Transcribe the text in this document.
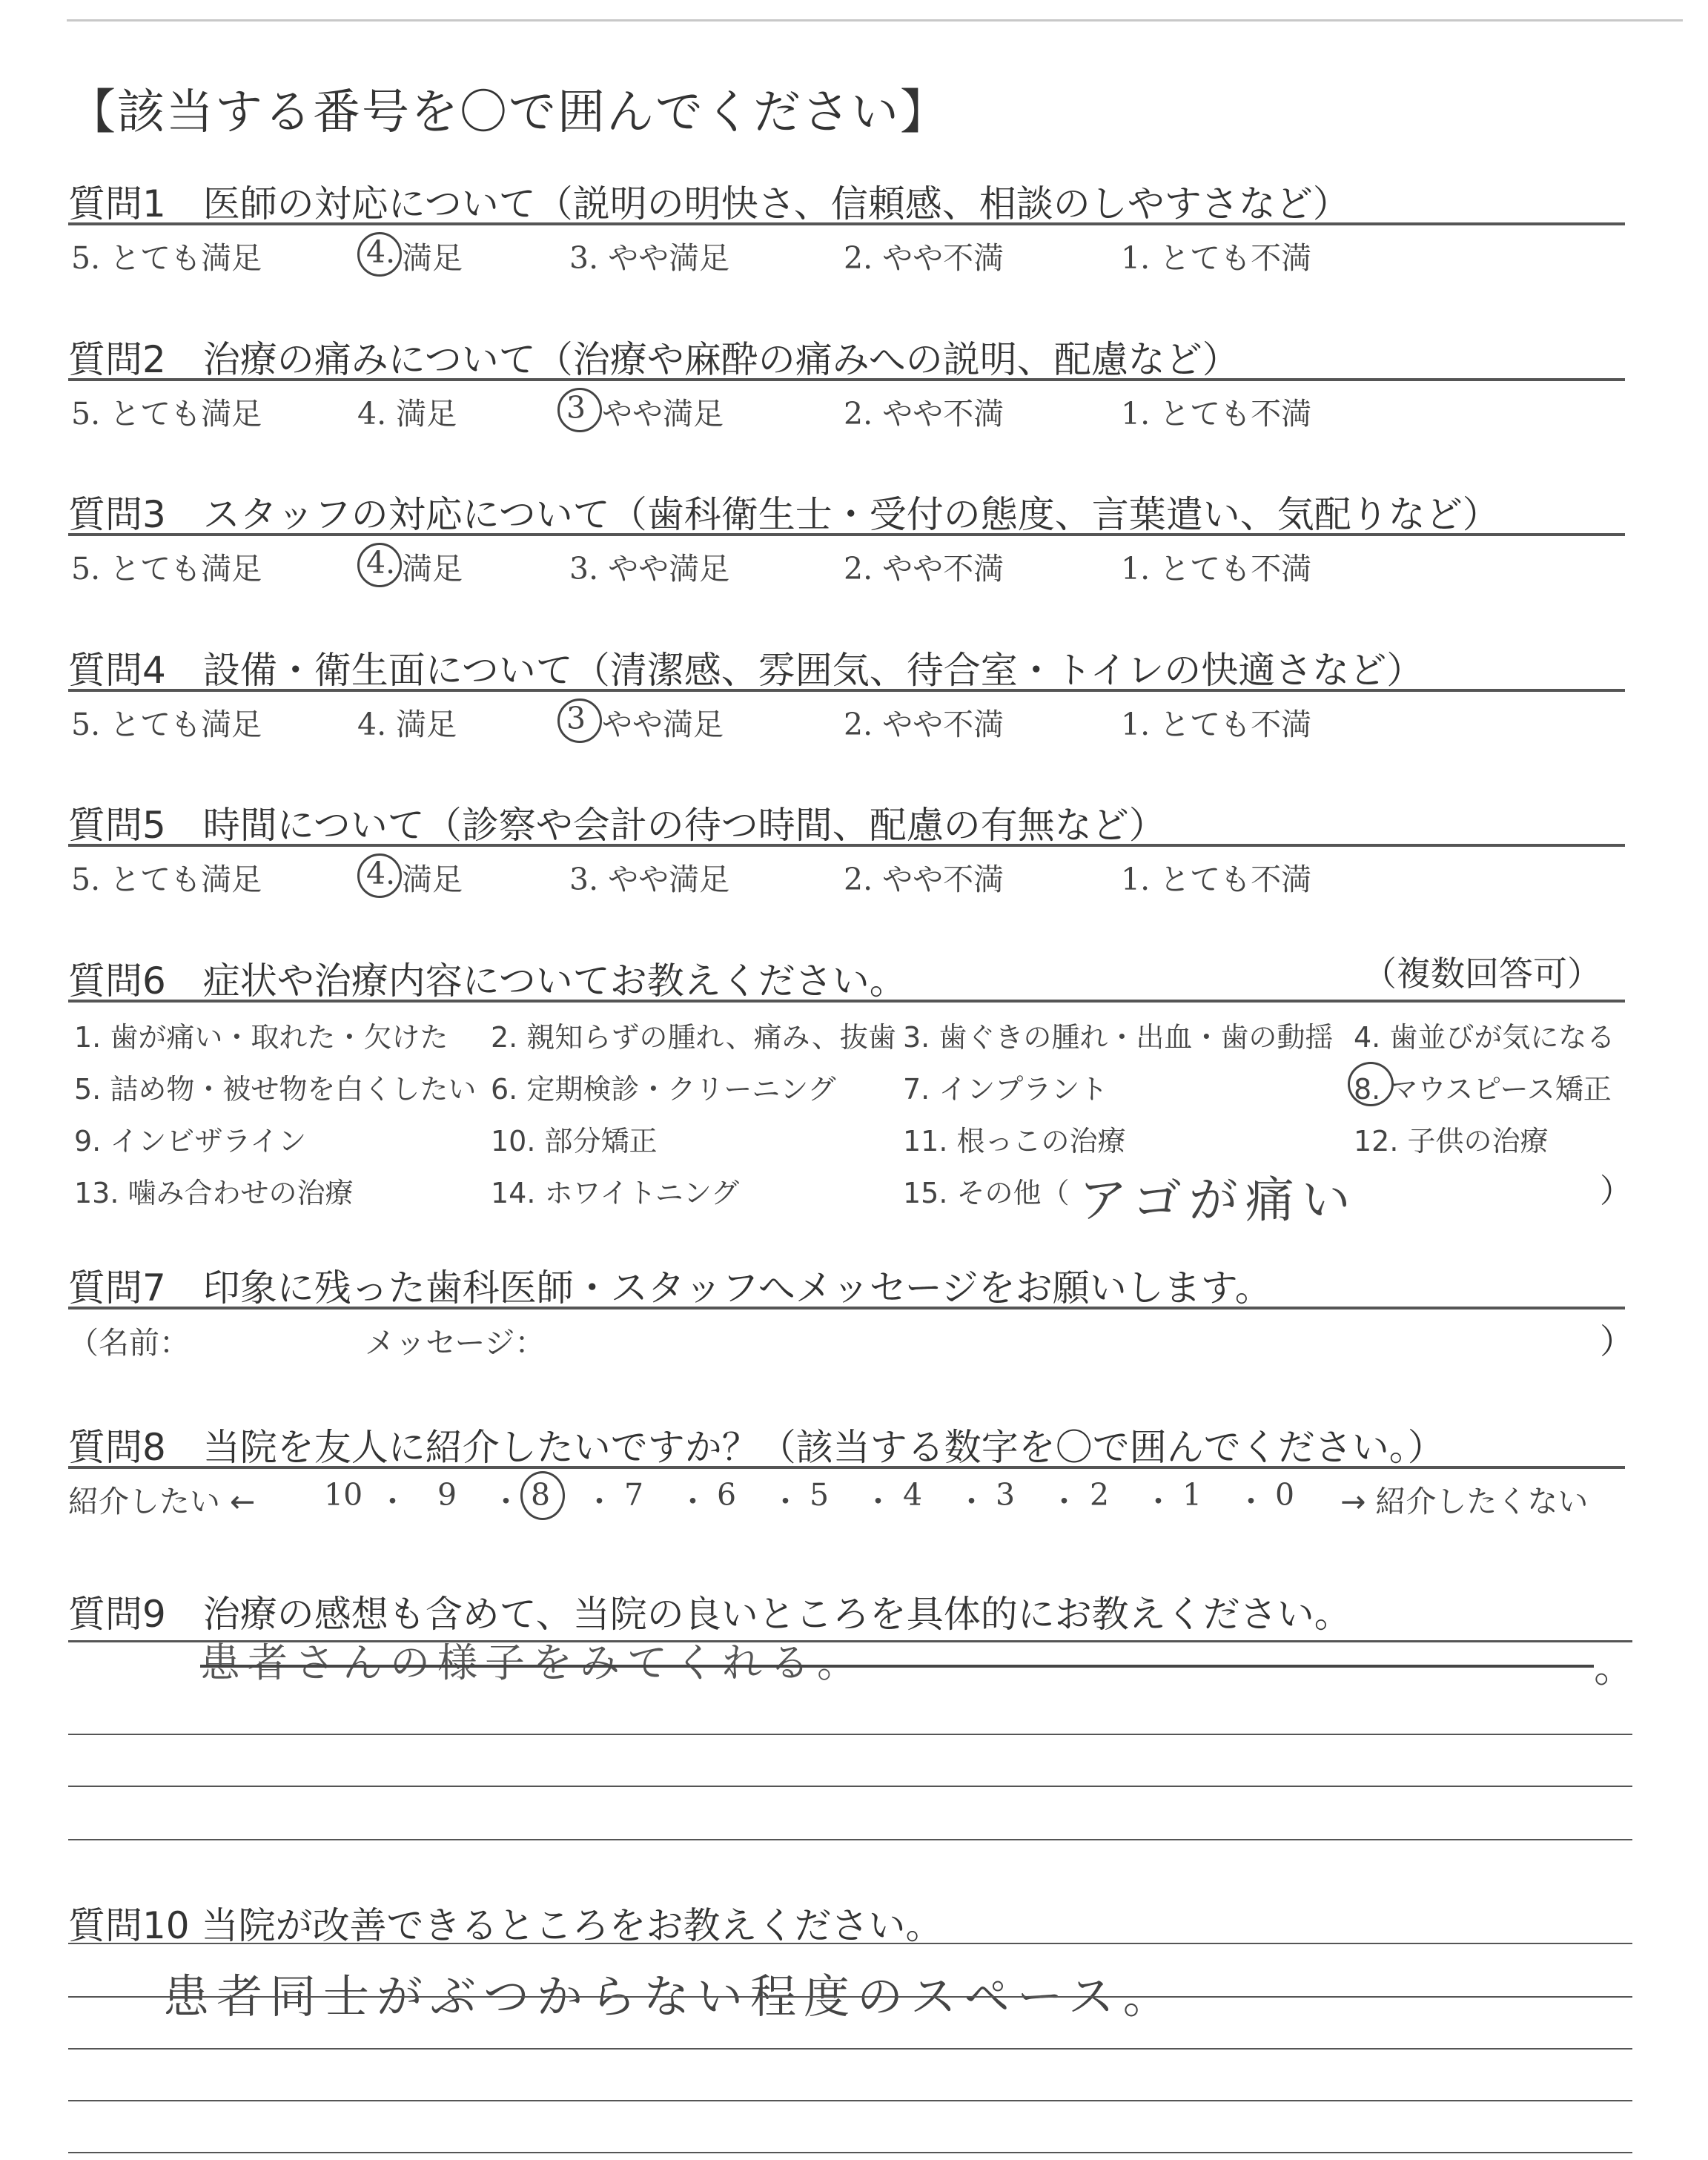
【該当する番号を〇で囲んでください】
質問1　医師の対応について（説明の明快さ、信頼感、相談のしやすさなど）
5. とても満足	4. 満足	3. やや満足	2. やや不満	1. とても不満
質問2　治療の痛みについて（治療や麻酔の痛みへの説明、配慮など）
5. とても満足	4. 満足	3 やや満足	2. やや不満	1. とても不満
質問3　スタッフの対応について（歯科衛生士・受付の態度、言葉遣い、気配りなど）
5. とても満足	4. 満足	3. やや満足	2. やや不満	1. とても不満
質問4　設備・衛生面について（清潔感、雰囲気、待合室・トイレの快適さなど）
5. とても満足	4. 満足	3 やや満足	2. やや不満	1. とても不満
質問5　時間について（診察や会計の待つ時間、配慮の有無など）
5. とても満足	4. 満足	3. やや満足	2. やや不満	1. とても不満
質問6　症状や治療内容についてお教えください。	（複数回答可）
1. 歯が痛い・取れた・欠けた 2. 親知らずの腫れ、痛み、抜歯 3. 歯ぐきの腫れ・出血・歯の動揺 4. 歯並びが気になる
5. 詰め物・被せ物を白くしたい 6. 定期検診・クリーニング 7. インプラント	8. マウスピース矯正
9. インビザライン	10. 部分矯正	11. 根っこの治療	12. 子供の治療
13. 噛み合わせの治療	14. ホワイトニング	15. その他（ アゴが痛い	）
質問7　印象に残った歯科医師・スタッフへメッセージをお願いします。
（名前：	メッセージ：	）
質問8　当院を友人に紹介したいですか？（該当する数字を〇で囲んでください。）
紹介したい ←	→ 紹介したくない
10 ・ 9 ・ 8 ・ 7 ・ 6 ・ 5 ・ 4 ・ 3 ・ 2 ・ 1 ・ 0
質問9　治療の感想も含めて、当院の良いところを具体的にお教えください。
患者さんの様子をみてくれる。	。
質問10 当院が改善できるところをお教えください。
患者同士がぶつからない程度のスペース。
